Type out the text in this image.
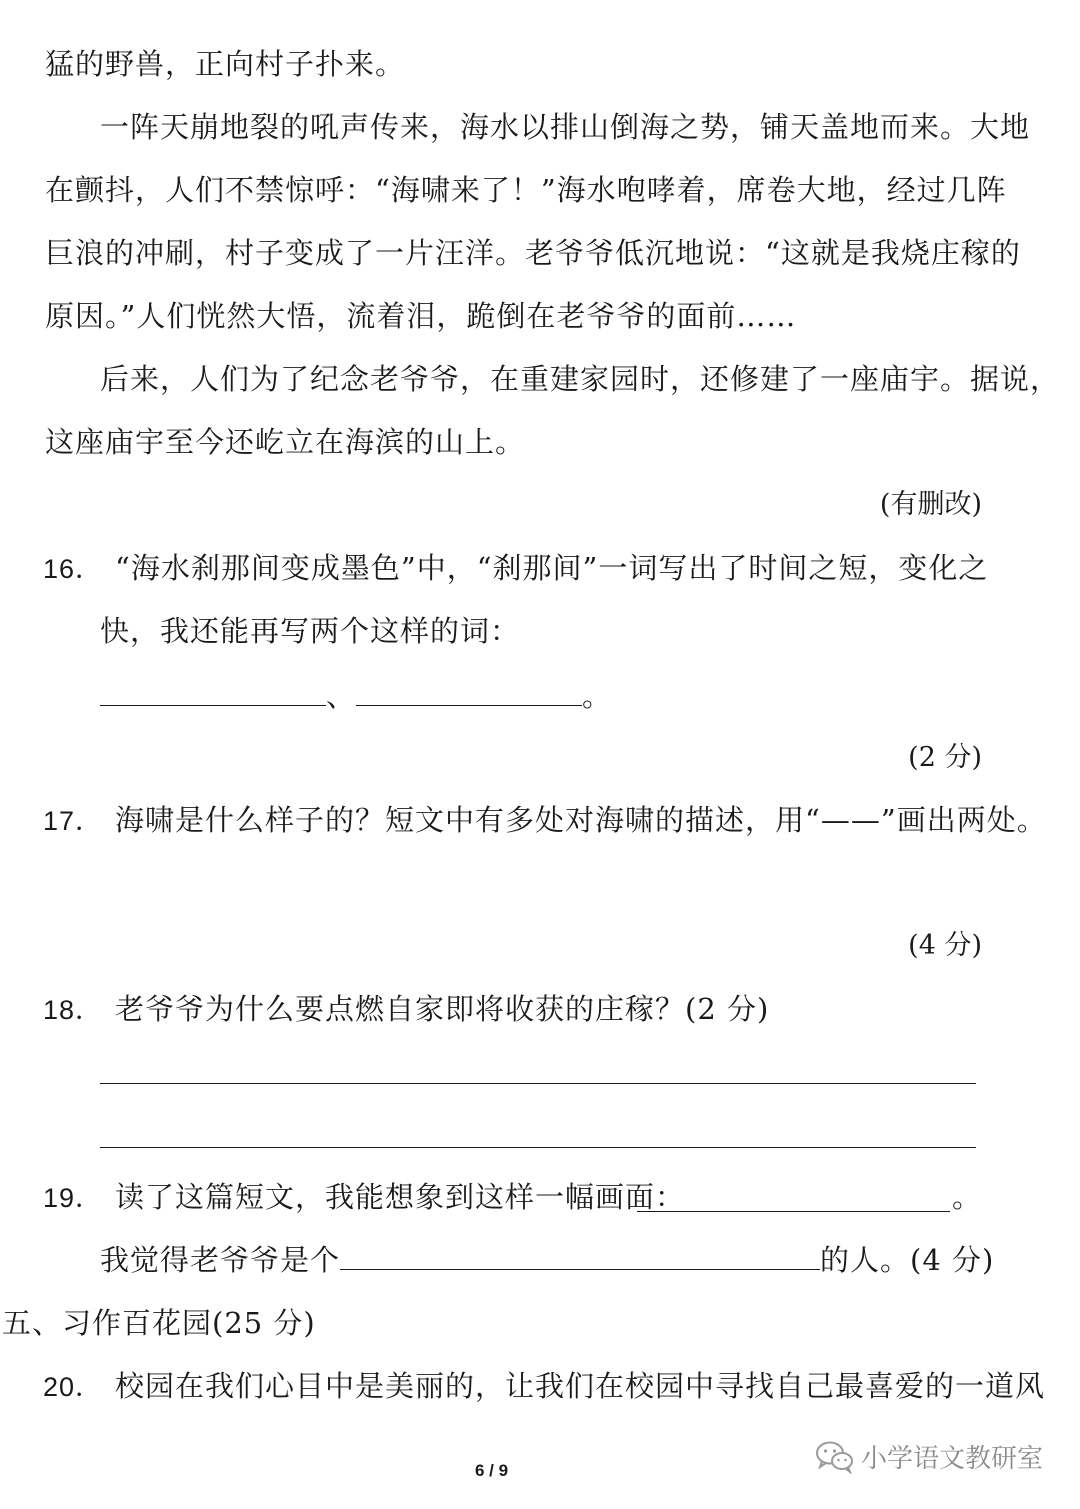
猛的野兽，正向村子扑来。
一阵天崩地裂的吼声传来，海水以排山倒海之势，铺天盖地而来。大地
在颤抖，人们不禁惊呼：“海啸来了！”海水咆哮着，席卷大地，经过几阵
巨浪的冲刷，村子变成了一片汪洋。老爷爷低沉地说：“这就是我烧庄稼的
原因。”人们恍然大悟，流着泪，跪倒在老爷爷的面前……
后来，人们为了纪念老爷爷，在重建家园时，还修建了一座庙宇。据说，
这座庙宇至今还屹立在海滨的山上。
(有删改)
16． “海水刹那间变成墨色”中，“刹那间”一词写出了时间之短，变化之
快，我还能再写两个这样的词：
、	。
(2 分)
17． 海啸是什么样子的？短文中有多处对海啸的描述，用“——”画出两处。
(4 分)
18． 老爷爷为什么要点燃自家即将收获的庄稼？(2 分)
19． 读了这篇短文，我能想象到这样一幅画面：	。
我觉得老爷爷是个	的人。(4 分)
五、习作百花园(25 分)
20． 校园在我们心目中是美丽的，让我们在校园中寻找自己最喜爱的一道风
6 / 9	小学语文教研室
